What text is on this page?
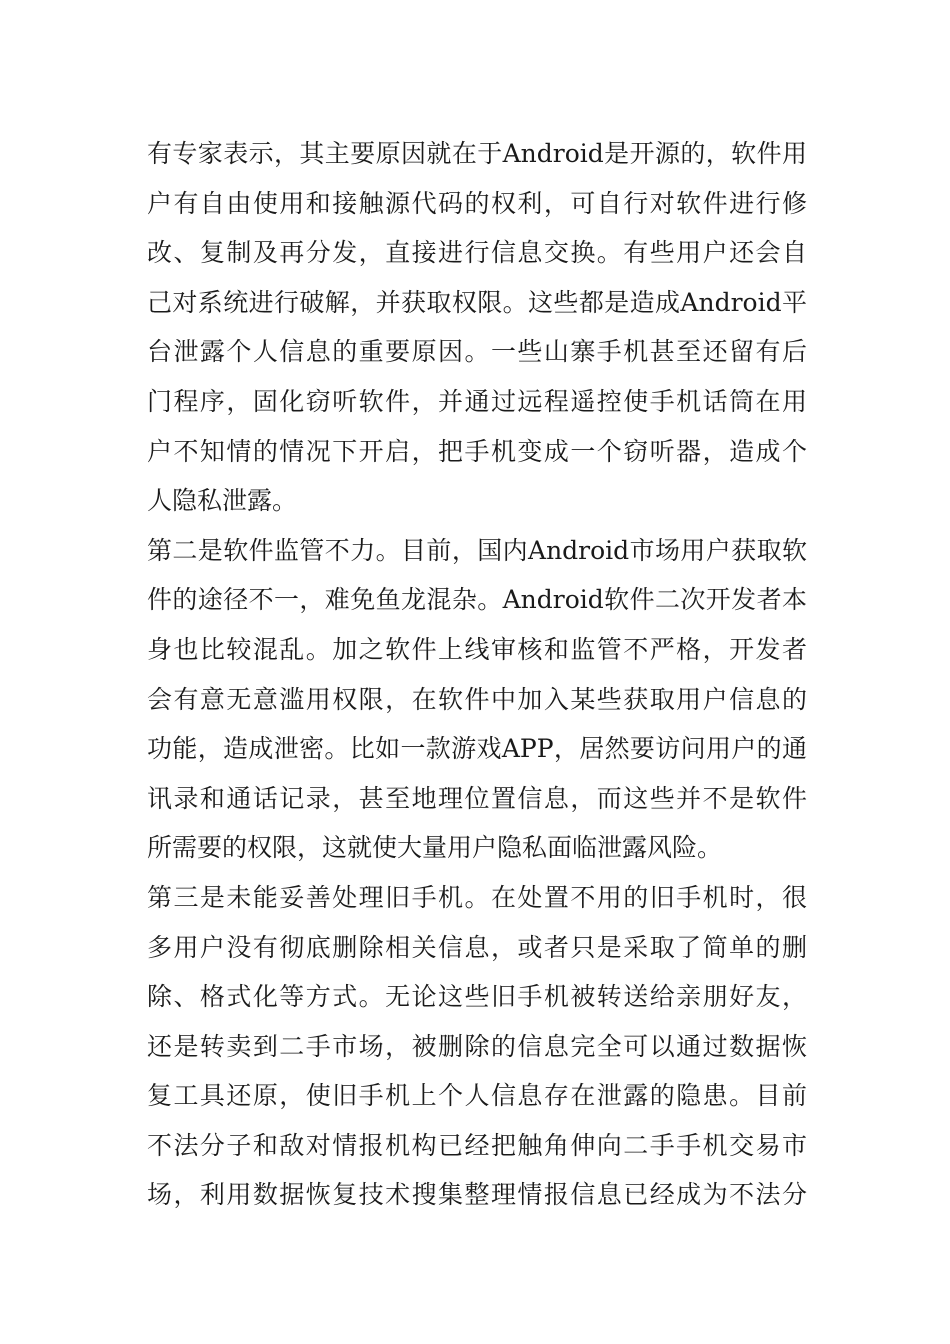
有专家表示，其主要原因就在于Android是开源的，软件用
户有自由使用和接触源代码的权利，可自行对软件进行修
改、复制及再分发，直接进行信息交换。有些用户还会自
己对系统进行破解，并获取权限。这些都是造成Android平
台泄露个人信息的重要原因。一些山寨手机甚至还留有后
门程序，固化窃听软件，并通过远程遥控使手机话筒在用
户不知情的情况下开启，把手机变成一个窃听器，造成个
人隐私泄露。
第二是软件监管不力。目前，国内Android市场用户获取软
件的途径不一，难免鱼龙混杂。Android软件二次开发者本
身也比较混乱。加之软件上线审核和监管不严格，开发者
会有意无意滥用权限，在软件中加入某些获取用户信息的
功能，造成泄密。比如一款游戏APP，居然要访问用户的通
讯录和通话记录，甚至地理位置信息，而这些并不是软件
所需要的权限，这就使大量用户隐私面临泄露风险。
第三是未能妥善处理旧手机。在处置不用的旧手机时，很
多用户没有彻底删除相关信息，或者只是采取了简单的删
除、格式化等方式。无论这些旧手机被转送给亲朋好友，
还是转卖到二手市场，被删除的信息完全可以通过数据恢
复工具还原，使旧手机上个人信息存在泄露的隐患。目前
不法分子和敌对情报机构已经把触角伸向二手手机交易市
场，利用数据恢复技术搜集整理情报信息已经成为不法分
